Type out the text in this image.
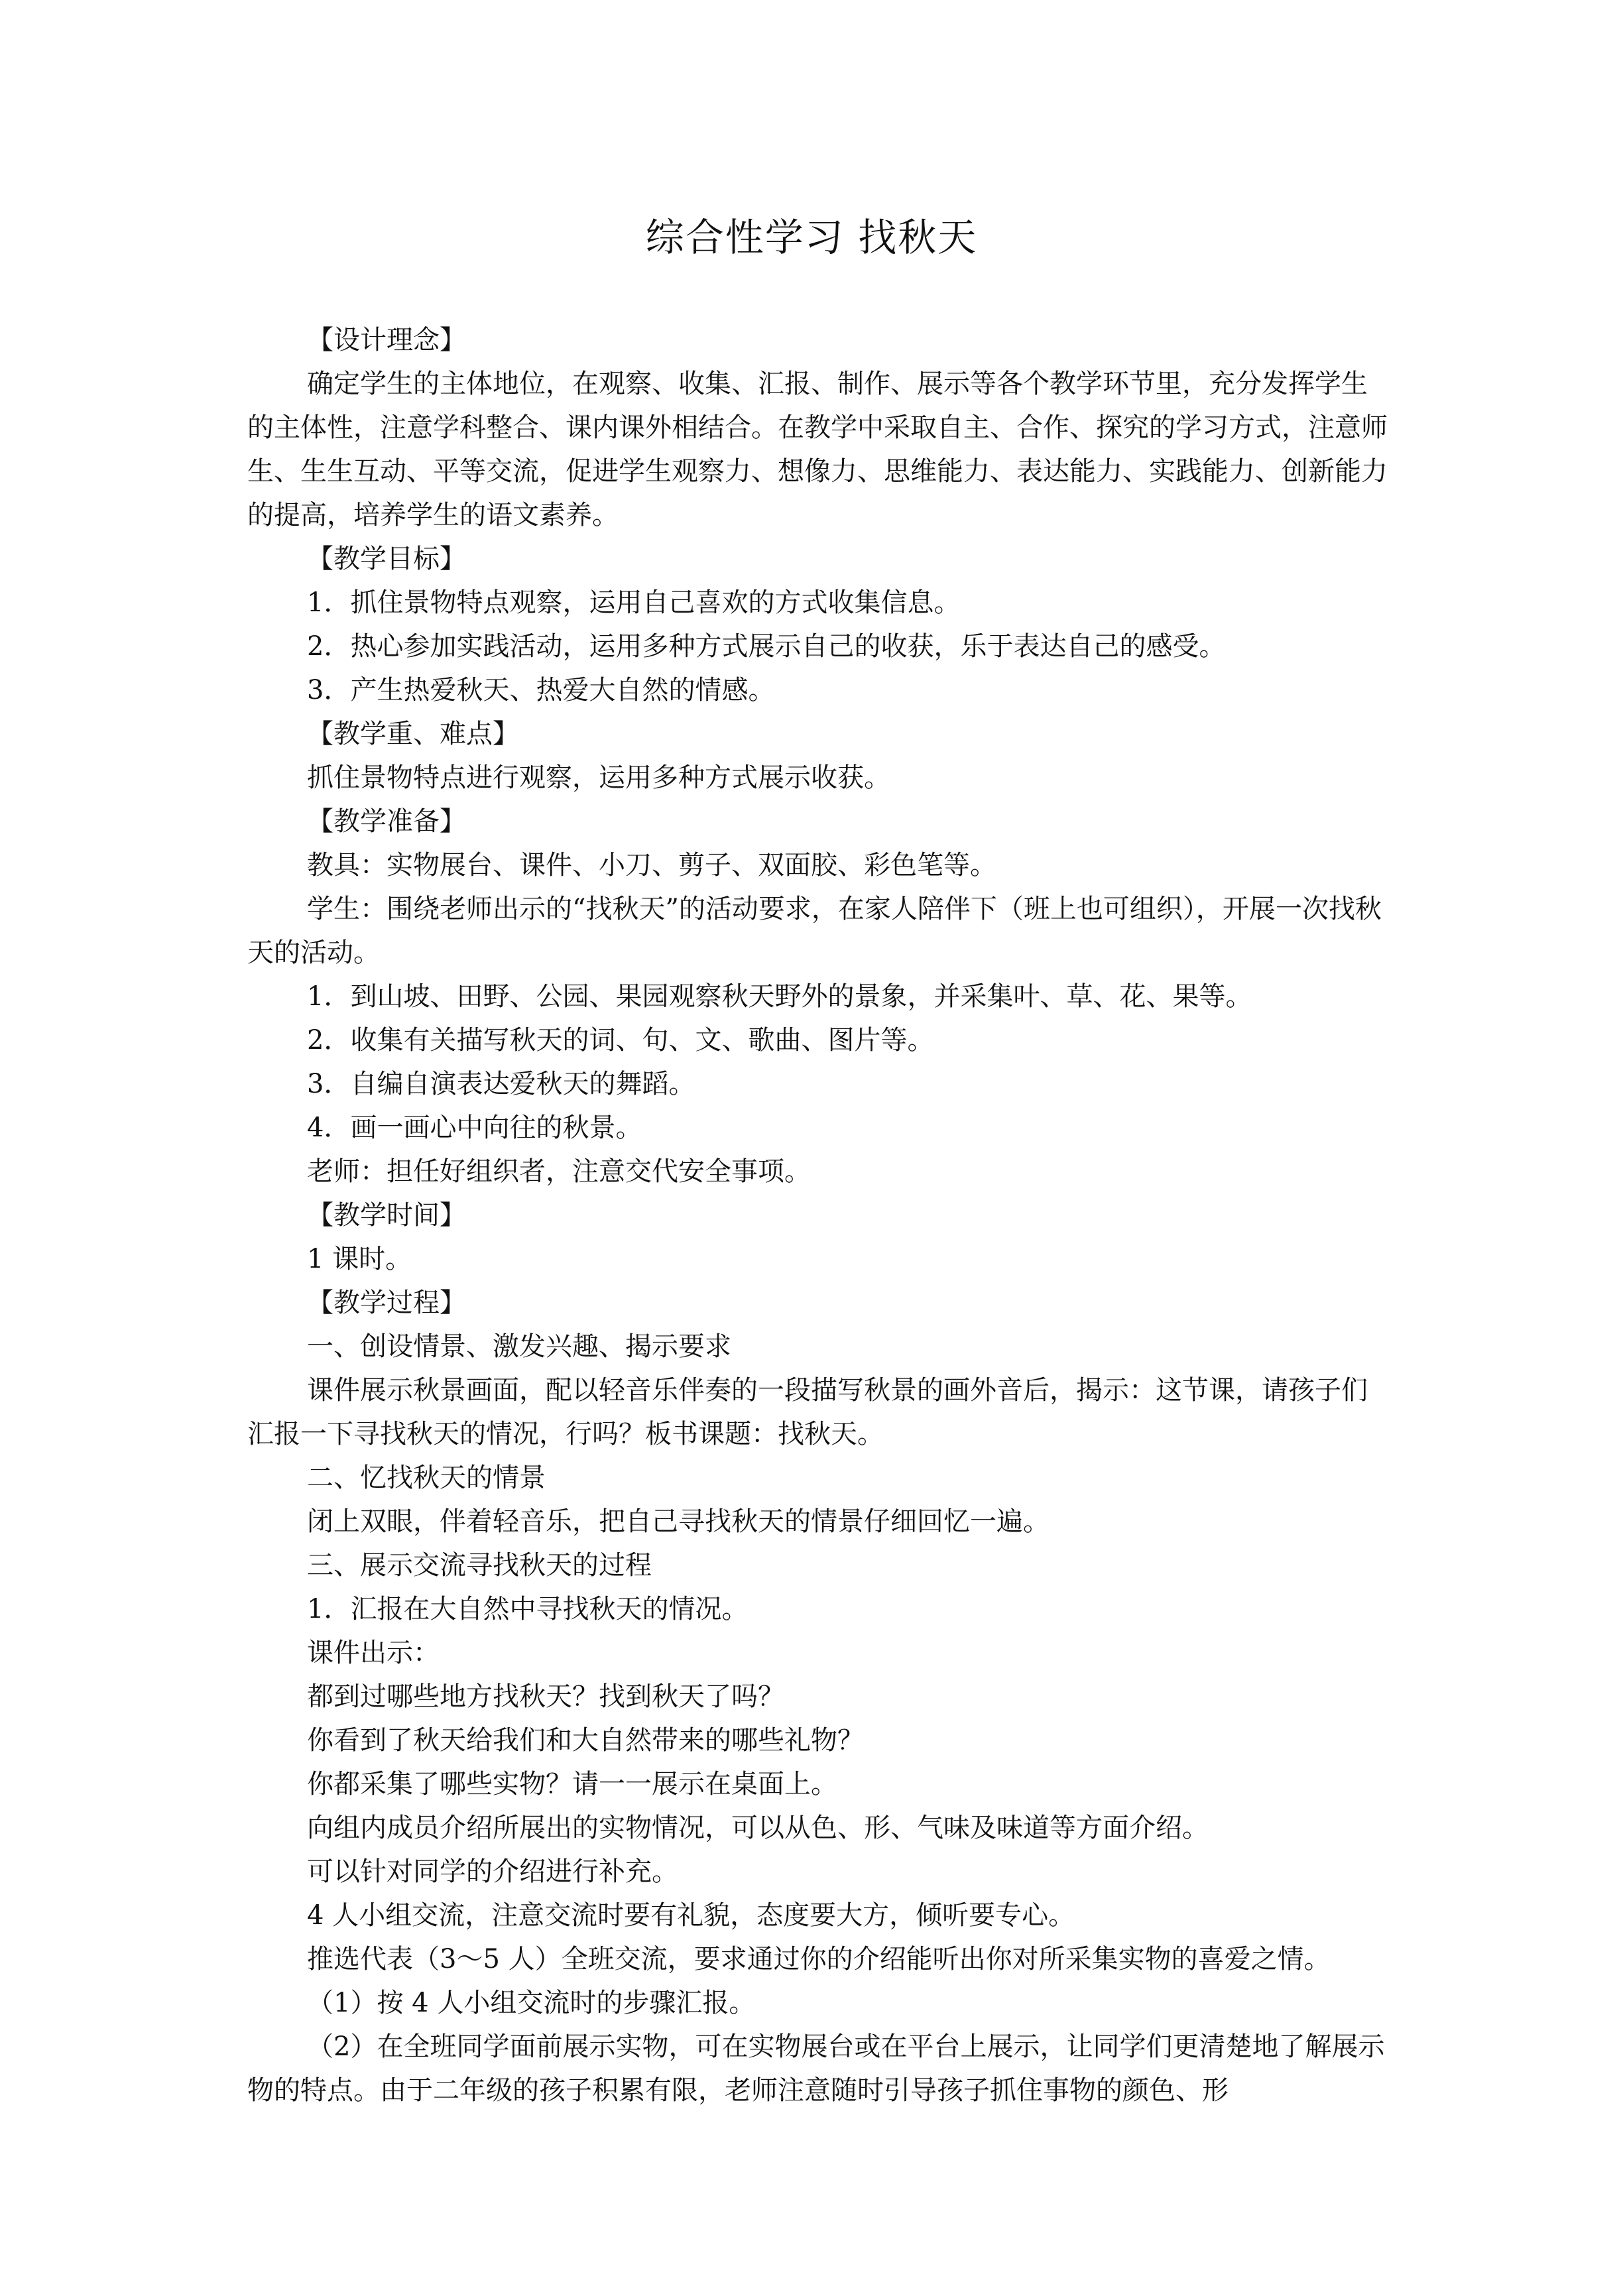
综合性学习 找秋天
【设计理念】
确定学生的主体地位，在观察、收集、汇报、制作、展示等各个教学环节里，充分发挥学生的主体性，注意学科整合、课内课外相结合。在教学中采取自主、合作、探究的学习方式，注意师生、生生互动、平等交流，促进学生观察力、想像力、思维能力、表达能力、实践能力、创新能力的提高，培养学生的语文素养。
【教学目标】
1．抓住景物特点观察，运用自己喜欢的方式收集信息。
2．热心参加实践活动，运用多种方式展示自己的收获，乐于表达自己的感受。
3．产生热爱秋天、热爱大自然的情感。
【教学重、难点】
抓住景物特点进行观察，运用多种方式展示收获。
【教学准备】
教具：实物展台、课件、小刀、剪子、双面胶、彩色笔等。
学生：围绕老师出示的“找秋天”的活动要求，在家人陪伴下（班上也可组织），开展一次找秋天的活动。
1．到山坡、田野、公园、果园观察秋天野外的景象，并采集叶、草、花、果等。
2．收集有关描写秋天的词、句、文、歌曲、图片等。
3．自编自演表达爱秋天的舞蹈。
4．画一画心中向往的秋景。
老师：担任好组织者，注意交代安全事项。
【教学时间】
1 课时。
【教学过程】
一、创设情景、激发兴趣、揭示要求
课件展示秋景画面，配以轻音乐伴奏的一段描写秋景的画外音后，揭示：这节课，请孩子们汇报一下寻找秋天的情况，行吗？板书课题：找秋天。
二、忆找秋天的情景
闭上双眼，伴着轻音乐，把自己寻找秋天的情景仔细回忆一遍。
三、展示交流寻找秋天的过程
1．汇报在大自然中寻找秋天的情况。
课件出示：
都到过哪些地方找秋天？找到秋天了吗？
你看到了秋天给我们和大自然带来的哪些礼物？
你都采集了哪些实物？请一一展示在桌面上。
向组内成员介绍所展出的实物情况，可以从色、形、气味及味道等方面介绍。
可以针对同学的介绍进行补充。
4 人小组交流，注意交流时要有礼貌，态度要大方，倾听要专心。
推选代表（3～5 人）全班交流，要求通过你的介绍能听出你对所采集实物的喜爱之情。
（1）按 4 人小组交流时的步骤汇报。
（2）在全班同学面前展示实物，可在实物展台或在平台上展示，让同学们更清楚地了解展示物的特点。由于二年级的孩子积累有限，老师注意随时引导孩子抓住事物的颜色、形
